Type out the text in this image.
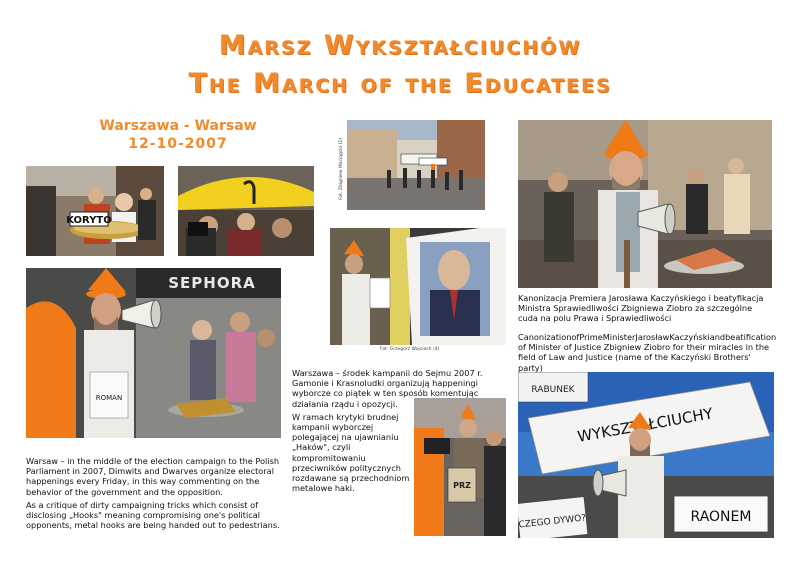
Marsz Wykształciuchów
The March of the Educatees
Warszawa - Warsaw
12-10-2007
KORYTO
Fot. Zbigniew Maciągcki (2)
SEPHORA
ROMAN
Fot. Grzegorz Wojciech (4)
PRZ
RABUNEK
CZEGO DYWO?	RAONEM

Kanonizacja Premiera Jarosława Kaczyńskiego i beatyfikacja Ministra Sprawiedliwości Zbigniewa Ziobro za szczególne cuda na polu Prawa i Sprawiedliwości

CanonizationofPrimeMinisterJarosławKaczyńskiandbeatification of Minister of Justice Zbigniew Ziobro for their miracles in the field of Law and Justice (name of the Kaczyński Brothers' party)

Warszawa – środek kampanii do Sejmu 2007 r. Gamonie i Krasnoludki organizują happeningi wyborcze co piątek w ten sposób komentując działania rządu i opozycji.

W ramach krytyki brudnej kampanii wyborczej polegającej na ujawnianiu „Haków", czyli kompromitowaniu przeciwników politycznych rozdawane są przechodniom metalowe haki.

Warsaw – in the middle of the election campaign to the Polish Parliament in 2007, Dimwits and Dwarves organize electoral happenings every Friday, in this way commenting on the behavior of the government and the opposition.

As a critique of dirty campaigning tricks which consist of disclosing „Hooks" meaning compromising one's political opponents, metal hooks are being handed out to pedestrians.
